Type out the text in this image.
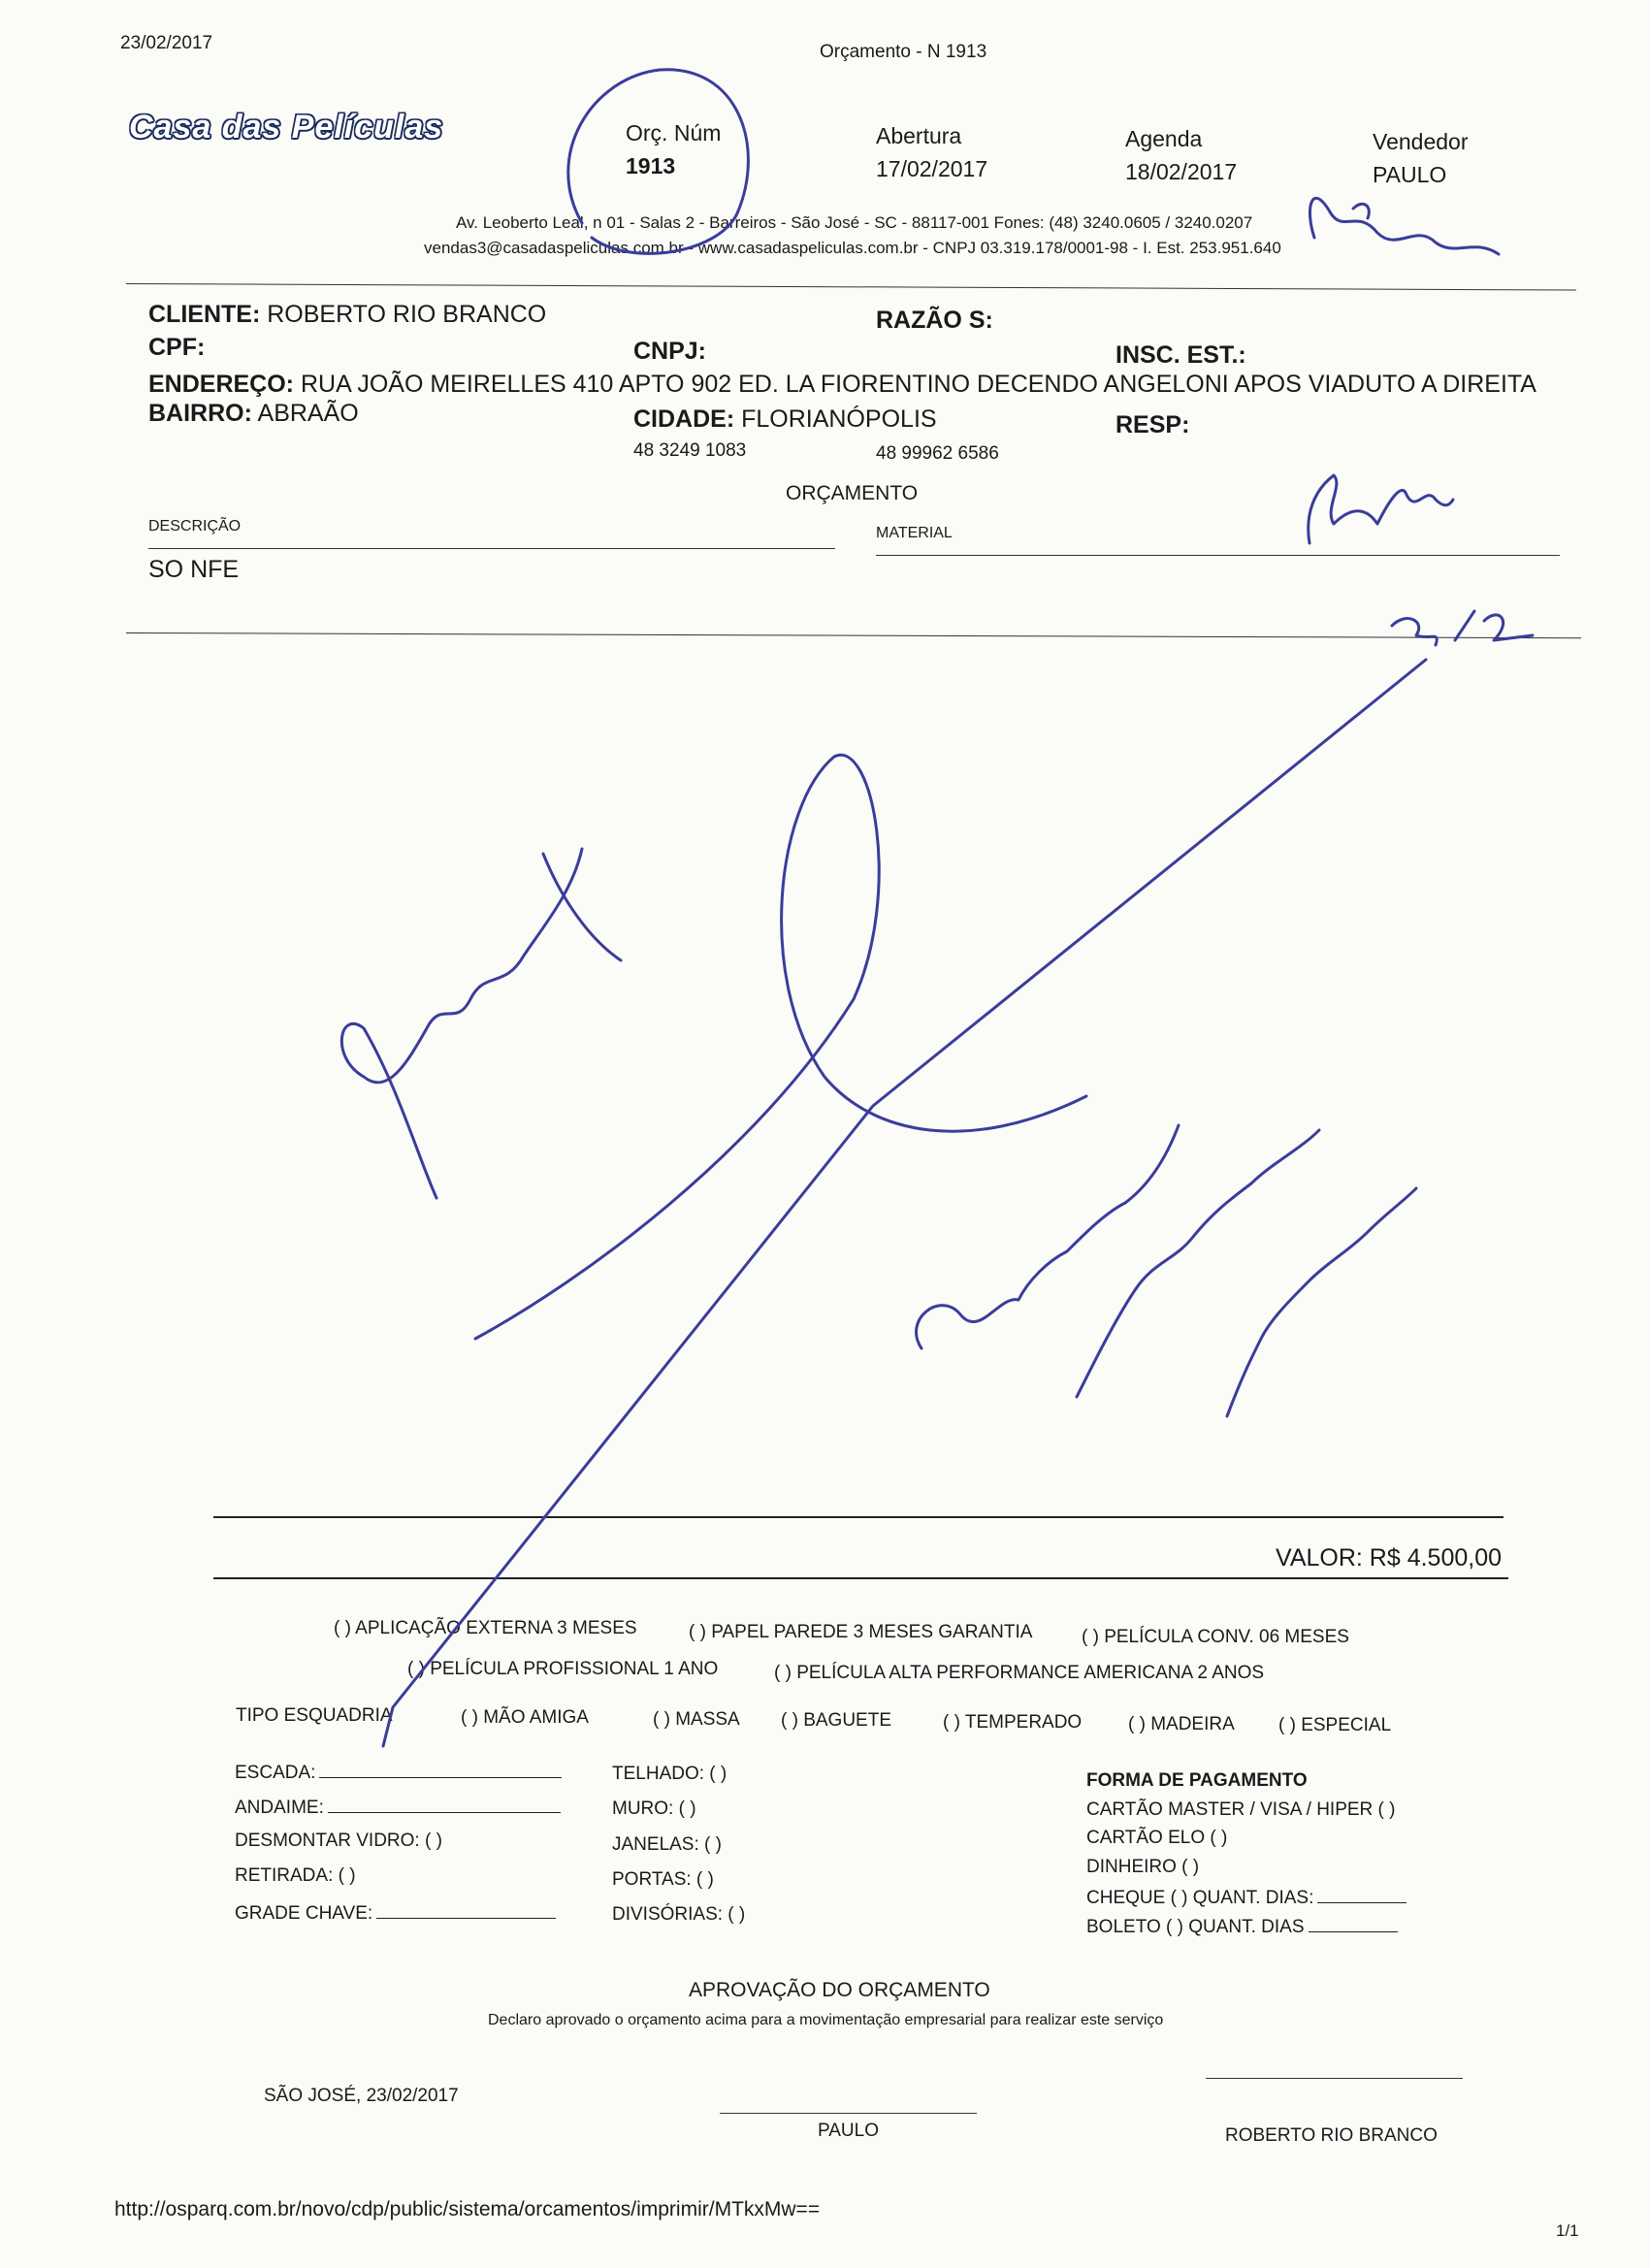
23/02/2017	Orçamento - N 1913
Casa das Películas	Orç. Núm
1913
Abertura
17/02/2017
Agenda
18/02/2017
Vendedor
PAULO
Av. Leoberto Leal, n 01 - Salas 2 - Barreiros - São José - SC - 88117-001 Fones: (48) 3240.0605 / 3240.0207
vendas3@casadaspeliculas.com.br - www.casadaspeliculas.com.br - CNPJ 03.319.178/0001-98 - I. Est. 253.951.640
CLIENTE: ROBERTO RIO BRANCO	RAZÃO S:
CPF:	CNPJ:	INSC. EST.:
ENDEREÇO: RUA JOÃO MEIRELLES 410 APTO 902 ED. LA FIORENTINO DECENDO ANGELONI APOS VIADUTO A DIREITA
BAIRRO: ABRAÃO	CIDADE: FLORIANÓPOLIS	RESP:
48 3249 1083	48 99962 6586
ORÇAMENTO
DESCRIÇÃO	MATERIAL
SO NFE
VALOR: R$ 4.500,00
( ) APLICAÇÃO EXTERNA 3 MESES	( ) PAPEL PAREDE 3 MESES GARANTIA	( ) PELÍCULA CONV. 06 MESES
( ) PELÍCULA PROFISSIONAL 1 ANO	( ) PELÍCULA ALTA PERFORMANCE AMERICANA 2 ANOS
TIPO ESQUADRIA	( ) MÃO AMIGA	( ) MASSA ( ) BAGUETE	( ) TEMPERADO	( ) MADEIRA ( ) ESPECIAL
ESCADA:
ANDAIME:
DESMONTAR VIDRO: ( )
RETIRADA: ( )
GRADE CHAVE:
TELHADO: ( )
MURO: ( )
JANELAS: ( )
PORTAS: ( )
DIVISÓRIAS: ( )
FORMA DE PAGAMENTO
CARTÃO MASTER / VISA / HIPER ( )
CARTÃO ELO ( )
DINHEIRO ( )
CHEQUE ( ) QUANT. DIAS:
BOLETO ( ) QUANT. DIAS
APROVAÇÃO DO ORÇAMENTO
Declaro aprovado o orçamento acima para a movimentação empresarial para realizar este serviço
SÃO JOSÉ, 23/02/2017
PAULO	ROBERTO RIO BRANCO
http://osparq.com.br/novo/cdp/public/sistema/orcamentos/imprimir/MTkxMw==
1/1
